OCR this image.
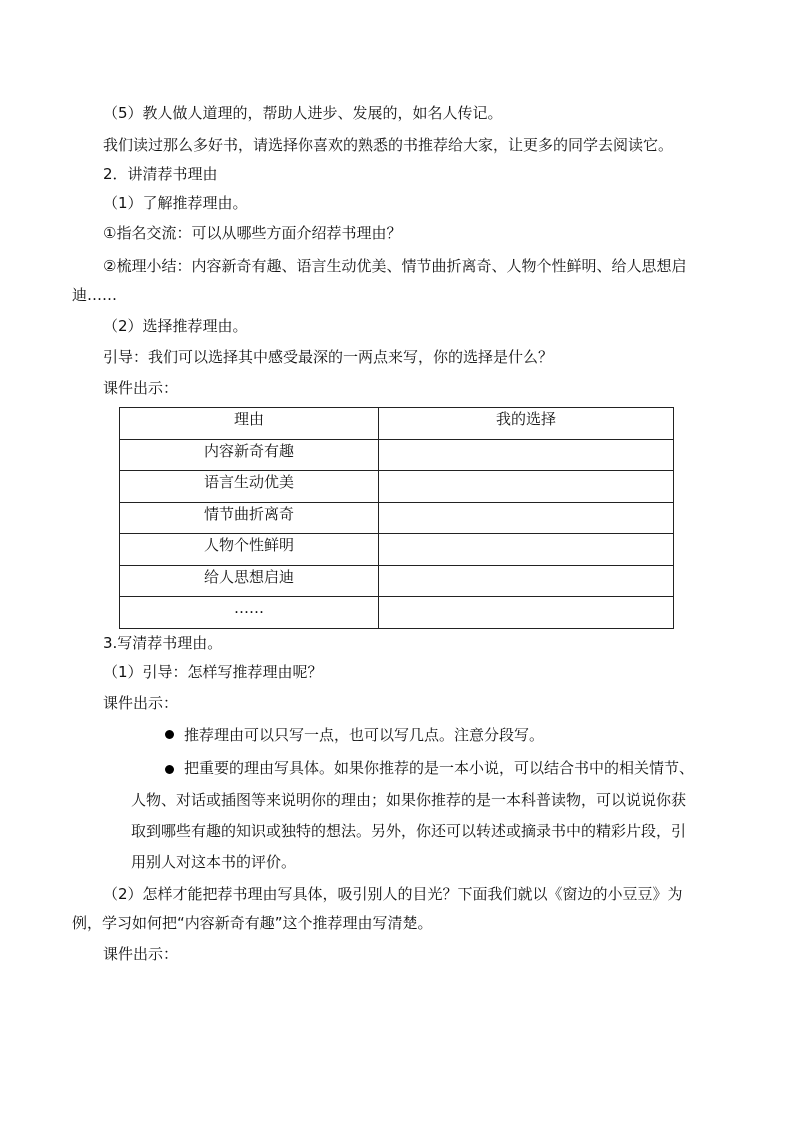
（5）教人做人道理的，帮助人进步、发展的，如名人传记。
我们读过那么多好书，请选择你喜欢的熟悉的书推荐给大家，让更多的同学去阅读它。
2．讲清荐书理由
（1）了解推荐理由。
①指名交流：可以从哪些方面介绍荐书理由？
②梳理小结：内容新奇有趣、语言生动优美、情节曲折离奇、人物个性鲜明、给人思想启
迪……
（2）选择推荐理由。
引导：我们可以选择其中感受最深的一两点来写，你的选择是什么？
课件出示：
理由	我的选择
内容新奇有趣	
语言生动优美	
情节曲折离奇	
人物个性鲜明	
给人思想启迪	
……	
3.写清荐书理由。
（1）引导：怎样写推荐理由呢？
课件出示：
推荐理由可以只写一点，也可以写几点。注意分段写。
把重要的理由写具体。如果你推荐的是一本小说，可以结合书中的相关情节、
人物、对话或插图等来说明你的理由；如果你推荐的是一本科普读物，可以说说你获
取到哪些有趣的知识或独特的想法。另外，你还可以转述或摘录书中的精彩片段，引
用别人对这本书的评价。
（2）怎样才能把荐书理由写具体，吸引别人的目光？下面我们就以《窗边的小豆豆》为
例，学习如何把“内容新奇有趣”这个推荐理由写清楚。
课件出示：
